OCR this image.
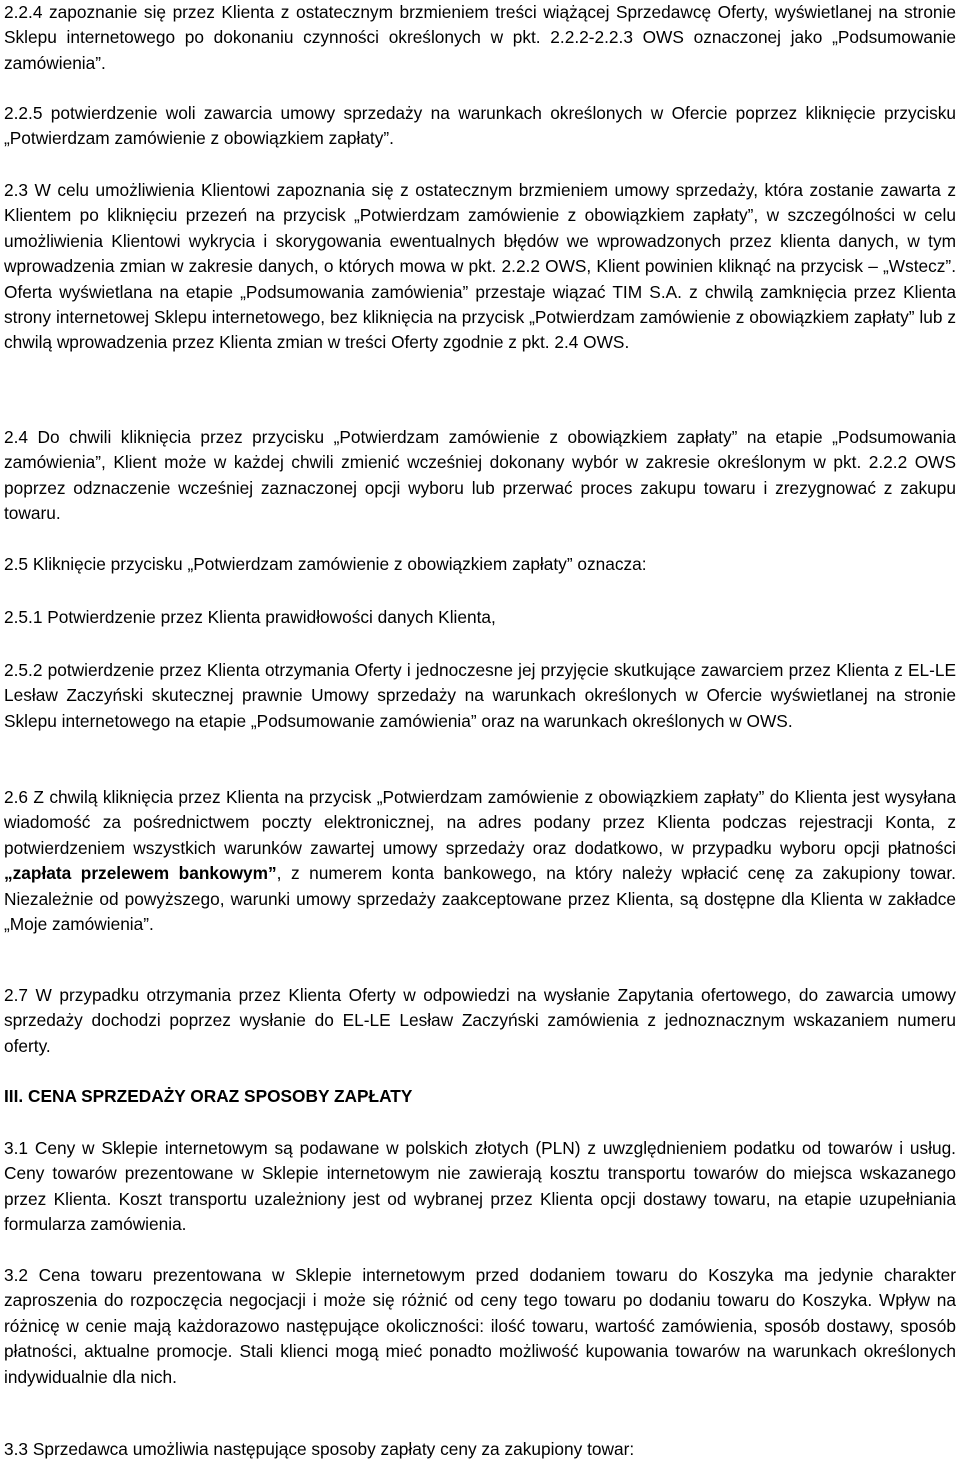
2.2.4 zapoznanie się przez Klienta z ostatecznym brzmieniem treści wiążącej Sprzedawcę Oferty, wyświetlanej na stronie Sklepu internetowego po dokonaniu czynności określonych w pkt. 2.2.2-2.2.3 OWS oznaczonej jako „Podsumowanie zamówienia”.

2.2.5 potwierdzenie woli zawarcia umowy sprzedaży na warunkach określonych w Ofercie poprzez kliknięcie przycisku „Potwierdzam zamówienie z obowiązkiem zapłaty”.

2.3 W celu umożliwienia Klientowi zapoznania się z ostatecznym brzmieniem umowy sprzedaży, która zostanie zawarta z Klientem po kliknięciu przezeń na przycisk „Potwierdzam zamówienie z obowiązkiem zapłaty”, w szczególności w celu umożliwienia Klientowi wykrycia i skorygowania ewentualnych błędów we wprowadzonych przez klienta danych, w tym wprowadzenia zmian w zakresie danych, o których mowa w pkt. 2.2.2 OWS, Klient powinien kliknąć na przycisk – „Wstecz”. Oferta wyświetlana na etapie „Podsumowania zamówienia” przestaje wiązać TIM S.A. z chwilą zamknięcia przez Klienta strony internetowej Sklepu internetowego, bez kliknięcia na przycisk „Potwierdzam zamówienie z obowiązkiem zapłaty” lub z chwilą wprowadzenia przez Klienta zmian w treści Oferty zgodnie z pkt. 2.4 OWS.

2.4 Do chwili kliknięcia przez przycisku „Potwierdzam zamówienie z obowiązkiem zapłaty” na etapie „Podsumowania zamówienia”, Klient może w każdej chwili zmienić wcześniej dokonany wybór w zakresie określonym w pkt. 2.2.2 OWS poprzez odznaczenie wcześniej zaznaczonej opcji wyboru lub przerwać proces zakupu towaru i zrezygnować z zakupu towaru.

2.5 Kliknięcie przycisku „Potwierdzam zamówienie z obowiązkiem zapłaty” oznacza:

2.5.1 Potwierdzenie przez Klienta prawidłowości danych Klienta,

2.5.2 potwierdzenie przez Klienta otrzymania Oferty i jednoczesne jej przyjęcie skutkujące zawarciem przez Klienta z EL-LE Lesław Zaczyński skutecznej prawnie Umowy sprzedaży na warunkach określonych w Ofercie wyświetlanej na stronie Sklepu internetowego na etapie „Podsumowanie zamówienia” oraz na warunkach określonych w OWS.

2.6 Z chwilą kliknięcia przez Klienta na przycisk „Potwierdzam zamówienie z obowiązkiem zapłaty” do Klienta jest wysyłana wiadomość za pośrednictwem poczty elektronicznej, na adres podany przez Klienta podczas rejestracji Konta, z potwierdzeniem wszystkich warunków zawartej umowy sprzedaży oraz dodatkowo, w przypadku wyboru opcji płatności „zapłata przelewem bankowym”, z numerem konta bankowego, na który należy wpłacić cenę za zakupiony towar. Niezależnie od powyższego, warunki umowy sprzedaży zaakceptowane przez Klienta, są dostępne dla Klienta w zakładce „Moje zamówienia”.

2.7 W przypadku otrzymania przez Klienta Oferty w odpowiedzi na wysłanie Zapytania ofertowego, do zawarcia umowy sprzedaży dochodzi poprzez wysłanie do EL-LE Lesław Zaczyński zamówienia z jednoznacznym wskazaniem numeru oferty.

III. CENA SPRZEDAŻY ORAZ SPOSOBY ZAPŁATY

3.1 Ceny w Sklepie internetowym są podawane w polskich złotych (PLN) z uwzględnieniem podatku od towarów i usług. Ceny towarów prezentowane w Sklepie internetowym nie zawierają kosztu transportu towarów do miejsca wskazanego przez Klienta. Koszt transportu uzależniony jest od wybranej przez Klienta opcji dostawy towaru, na etapie uzupełniania formularza zamówienia.

3.2 Cena towaru prezentowana w Sklepie internetowym przed dodaniem towaru do Koszyka ma jedynie charakter zaproszenia do rozpoczęcia negocjacji i może się różnić od ceny tego towaru po dodaniu towaru do Koszyka. Wpływ na różnicę w cenie mają każdorazowo następujące okoliczności: ilość towaru, wartość zamówienia, sposób dostawy, sposób płatności, aktualne promocje. Stali klienci mogą mieć ponadto możliwość kupowania towarów na warunkach określonych indywidualnie dla nich.

3.3 Sprzedawca umożliwia następujące sposoby zapłaty ceny za zakupiony towar:
